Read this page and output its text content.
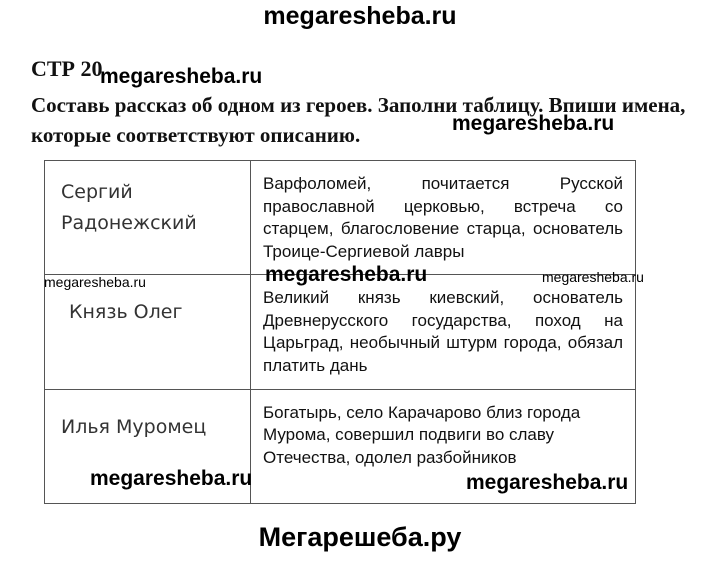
megaresheba.ru
СТР 20
megaresheba.ru

Составь рассказ об одном из героев. Заполни таблицу. Впиши имена, которые соответствуют описанию.	megaresheba.ru
Сергий Радонежский	Варфоломей, почитается Русской православной церковью, встреча со старцем, благословение старца, основатель Троице-Сергиевой лавры

Князь Олег	Великий князь киевский, основатель Древнерусского государства, поход на Царьград, необычный штурм города, обязал платить дань

Илья Муромец	Богатырь, село Карачарово близ города Мурома, совершил подвиги во славу Отечества, одолел разбойников
megaresheba.ru
megaresheba.ru	megaresheba.ru
megaresheba.ru	megaresheba.ru
Мегарешеба.ру
